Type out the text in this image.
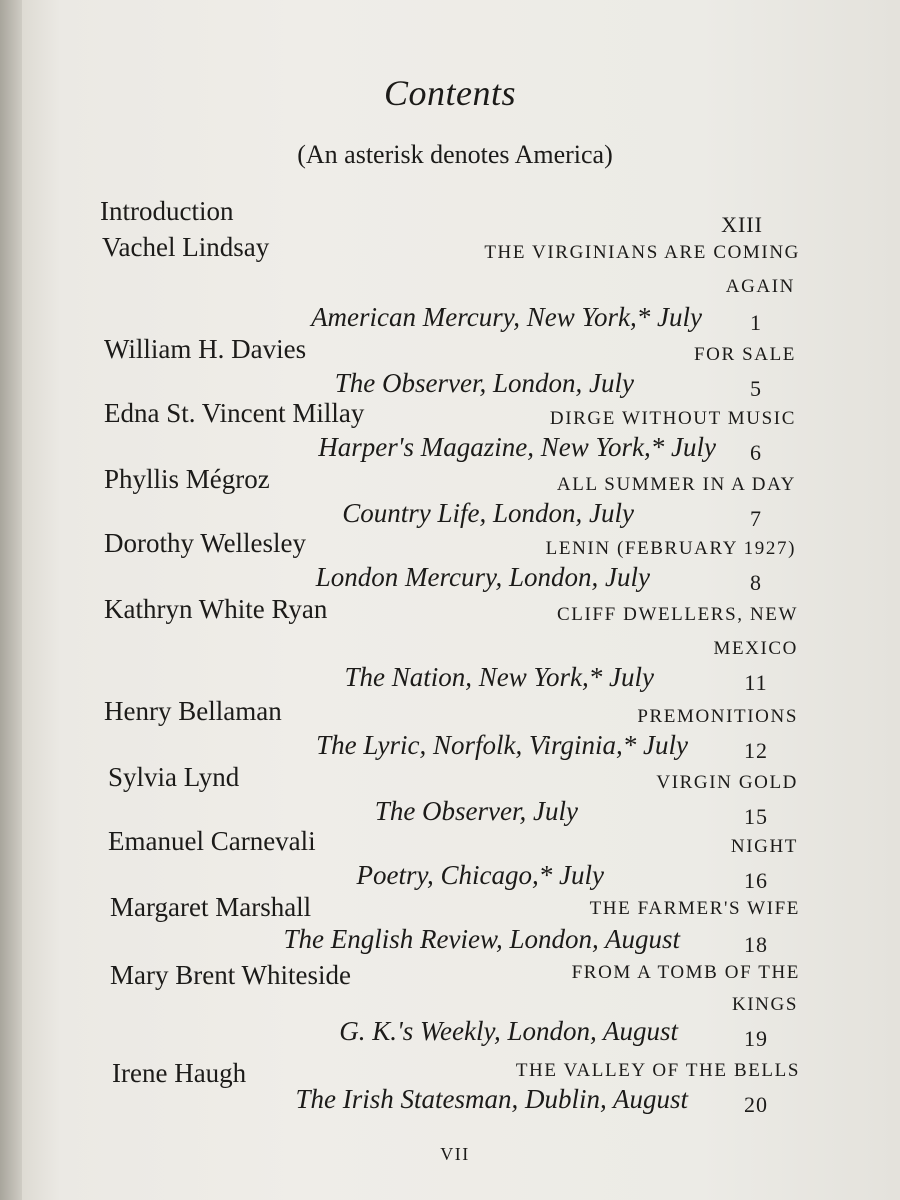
Contents
(An asterisk denotes America)
Introduction	XIII
Vachel Lindsay	THE VIRGINIANS ARE COMING
AGAIN
American Mercury, New York,* July	1
William H. Davies	FOR SALE
The Observer, London, July	5
Edna St. Vincent Millay	DIRGE WITHOUT MUSIC
Harper's Magazine, New York,* July	6
Phyllis Mégroz	ALL SUMMER IN A DAY
Country Life, London, July	7
Dorothy Wellesley	LENIN (FEBRUARY 1927)
London Mercury, London, July	8
Kathryn White Ryan	CLIFF DWELLERS, NEW
MEXICO
The Nation, New York,* July	11
Henry Bellaman	PREMONITIONS
The Lyric, Norfolk, Virginia,* July	12
Sylvia Lynd	VIRGIN GOLD
The Observer, July	15
Emanuel Carnevali	NIGHT
Poetry, Chicago,* July	16
Margaret Marshall	THE FARMER'S WIFE
The English Review, London, August	18
Mary Brent Whiteside	FROM A TOMB OF THE
KINGS
G. K.'s Weekly, London, August	19
Irene Haugh	THE VALLEY OF THE BELLS
The Irish Statesman, Dublin, August	20
VII
